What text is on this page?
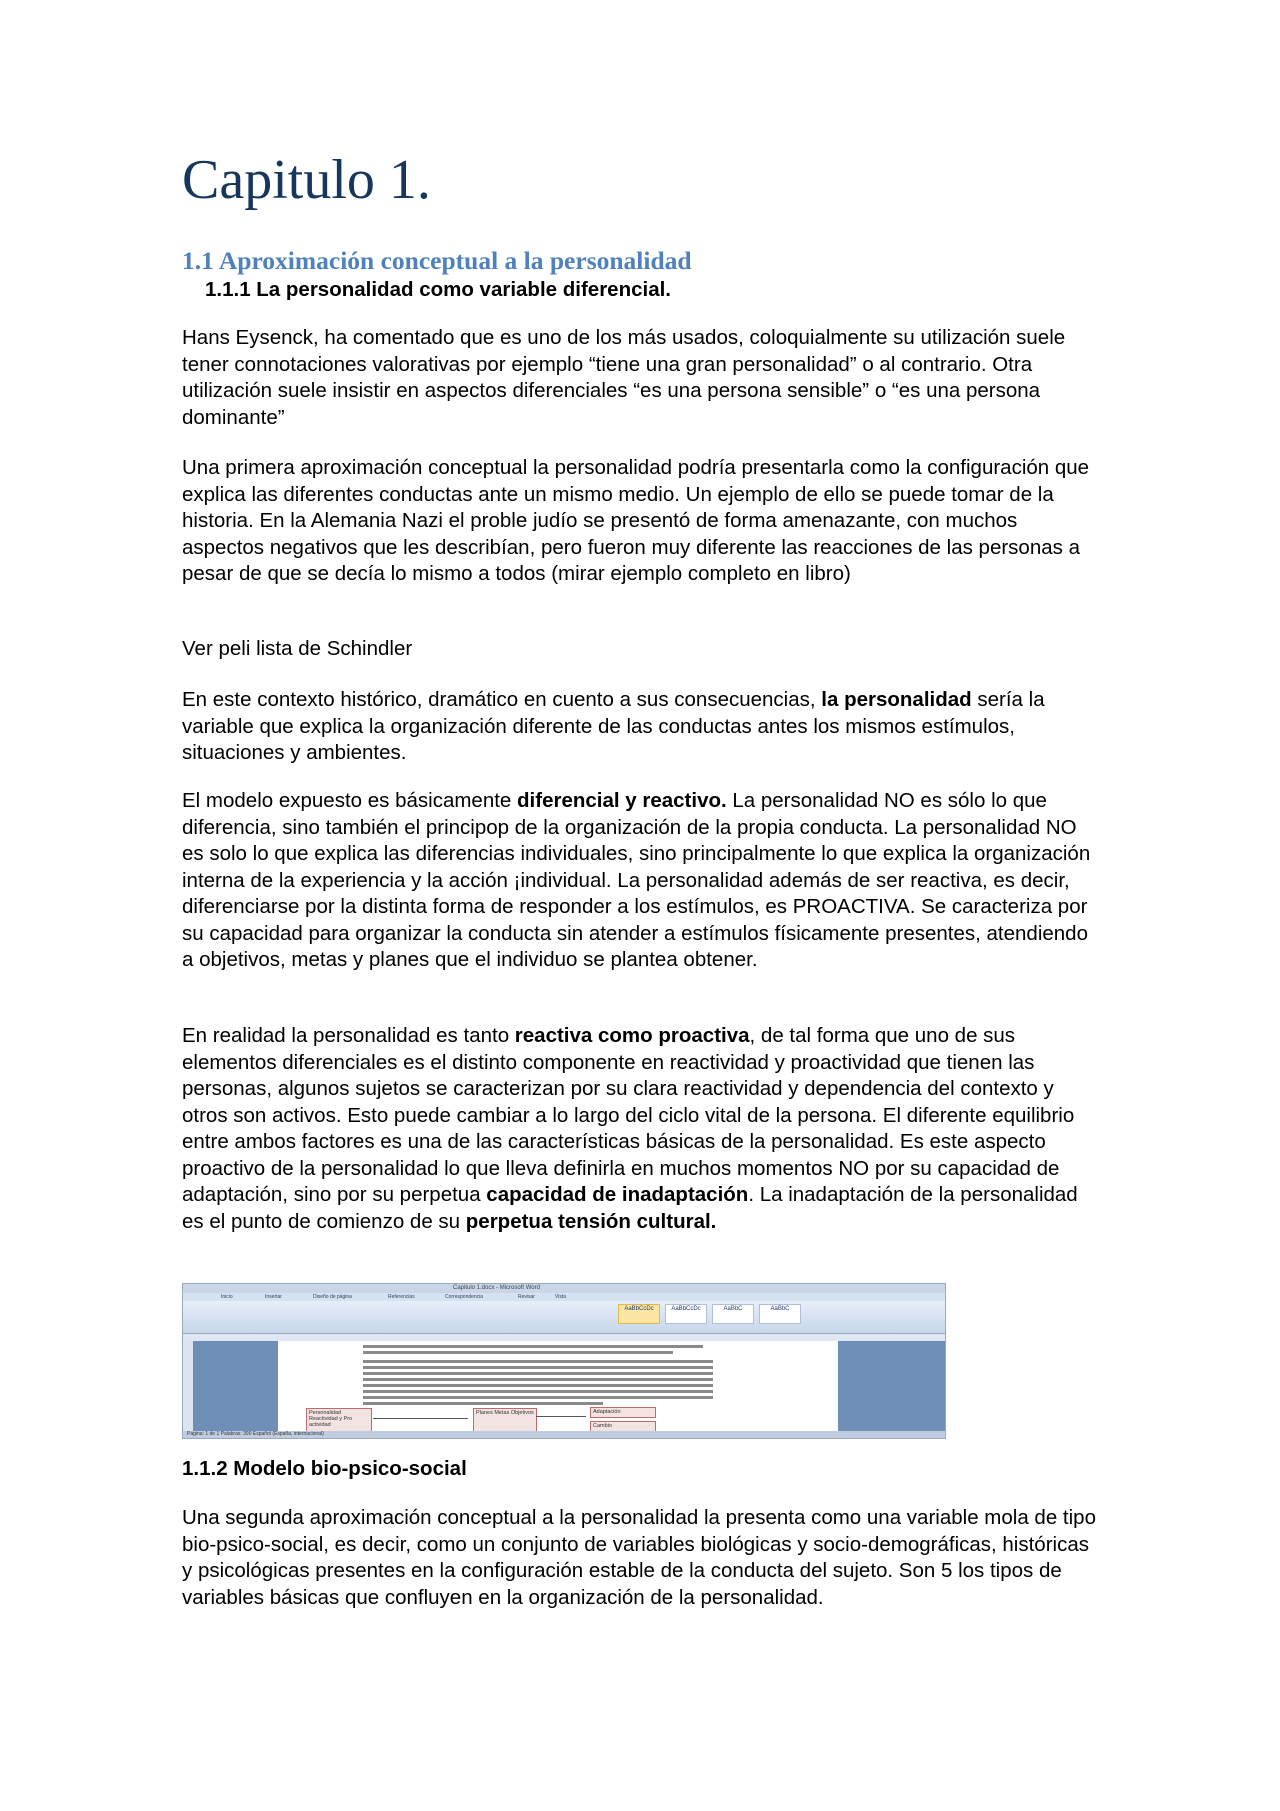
Capitulo 1.
1.1 Aproximación conceptual a la personalidad
1.1.1 La personalidad como variable diferencial.

Hans Eysenck, ha comentado que es uno de los más usados, coloquialmente su utilización suele tener connotaciones valorativas por ejemplo “tiene una gran personalidad” o al contrario. Otra utilización suele insistir en aspectos diferenciales “es una persona sensible” o “es una persona dominante”

Una primera aproximación conceptual la personalidad podría presentarla como la configuración que explica las diferentes conductas ante un mismo medio. Un ejemplo de ello se puede tomar de la historia. En la Alemania Nazi el proble judío se presentó de forma amenazante, con muchos aspectos negativos que les describían, pero fueron muy diferente las reacciones de las personas a pesar de que se decía lo mismo a todos (mirar ejemplo completo en libro)

Ver peli lista de Schindler

En este contexto histórico, dramático en cuento a sus consecuencias, la personalidad sería la variable que explica la organización diferente de las conductas antes los mismos estímulos, situaciones y ambientes.

El modelo expuesto es básicamente diferencial y reactivo. La personalidad NO es sólo lo que diferencia, sino también el principop de la organización de la propia conducta. La personalidad NO es solo lo que explica las diferencias individuales, sino principalmente lo que explica la organización interna de la experiencia y la acción ¡individual. La personalidad además de ser reactiva, es decir, diferenciarse por la distinta forma de responder a los estímulos, es PROACTIVA. Se caracteriza por su capacidad para organizar la conducta sin atender a estímulos físicamente presentes, atendiendo a objetivos, metas y planes que el individuo se plantea obtener.

En realidad la personalidad es tanto reactiva como proactiva, de tal forma que uno de sus elementos diferenciales es el distinto componente en reactividad y proactividad que tienen las personas, algunos sujetos se caracterizan por su clara reactividad y dependencia del contexto y otros son activos. Esto puede cambiar a lo largo del ciclo vital de la persona. El diferente equilibrio entre ambos factores es una de las características básicas de la personalidad. Es este aspecto proactivo de la personalidad lo que lleva definirla en muchos momentos NO por su capacidad de adaptación, sino por su perpetua capacidad de inadaptación. La inadaptación de la personalidad es el punto de comienzo de su perpetua tensión cultural.

Capitulo 1.docx - Microsoft Word
Inicio	Insertar	Diseño de página	Referencias	Correspondencia	Revisar	Vista
AaBbCcDc	AaBbCcDc	AaBbC	AaBbC
Personalidad Reactividad y Pro actividad
Planes Metas Objetivos	Adaptación
Cambio
Página: 1 de 1 Palabras: 390 Español (España, internacional)
1.1.2 Modelo bio-psico-social

Una segunda aproximación conceptual a la personalidad la presenta como una variable mola de tipo bio-psico-social, es decir, como un conjunto de variables biológicas y socio-demográficas, históricas y psicológicas presentes en la configuración estable de la conducta del sujeto. Son 5 los tipos de variables básicas que confluyen en la organización de la personalidad.
